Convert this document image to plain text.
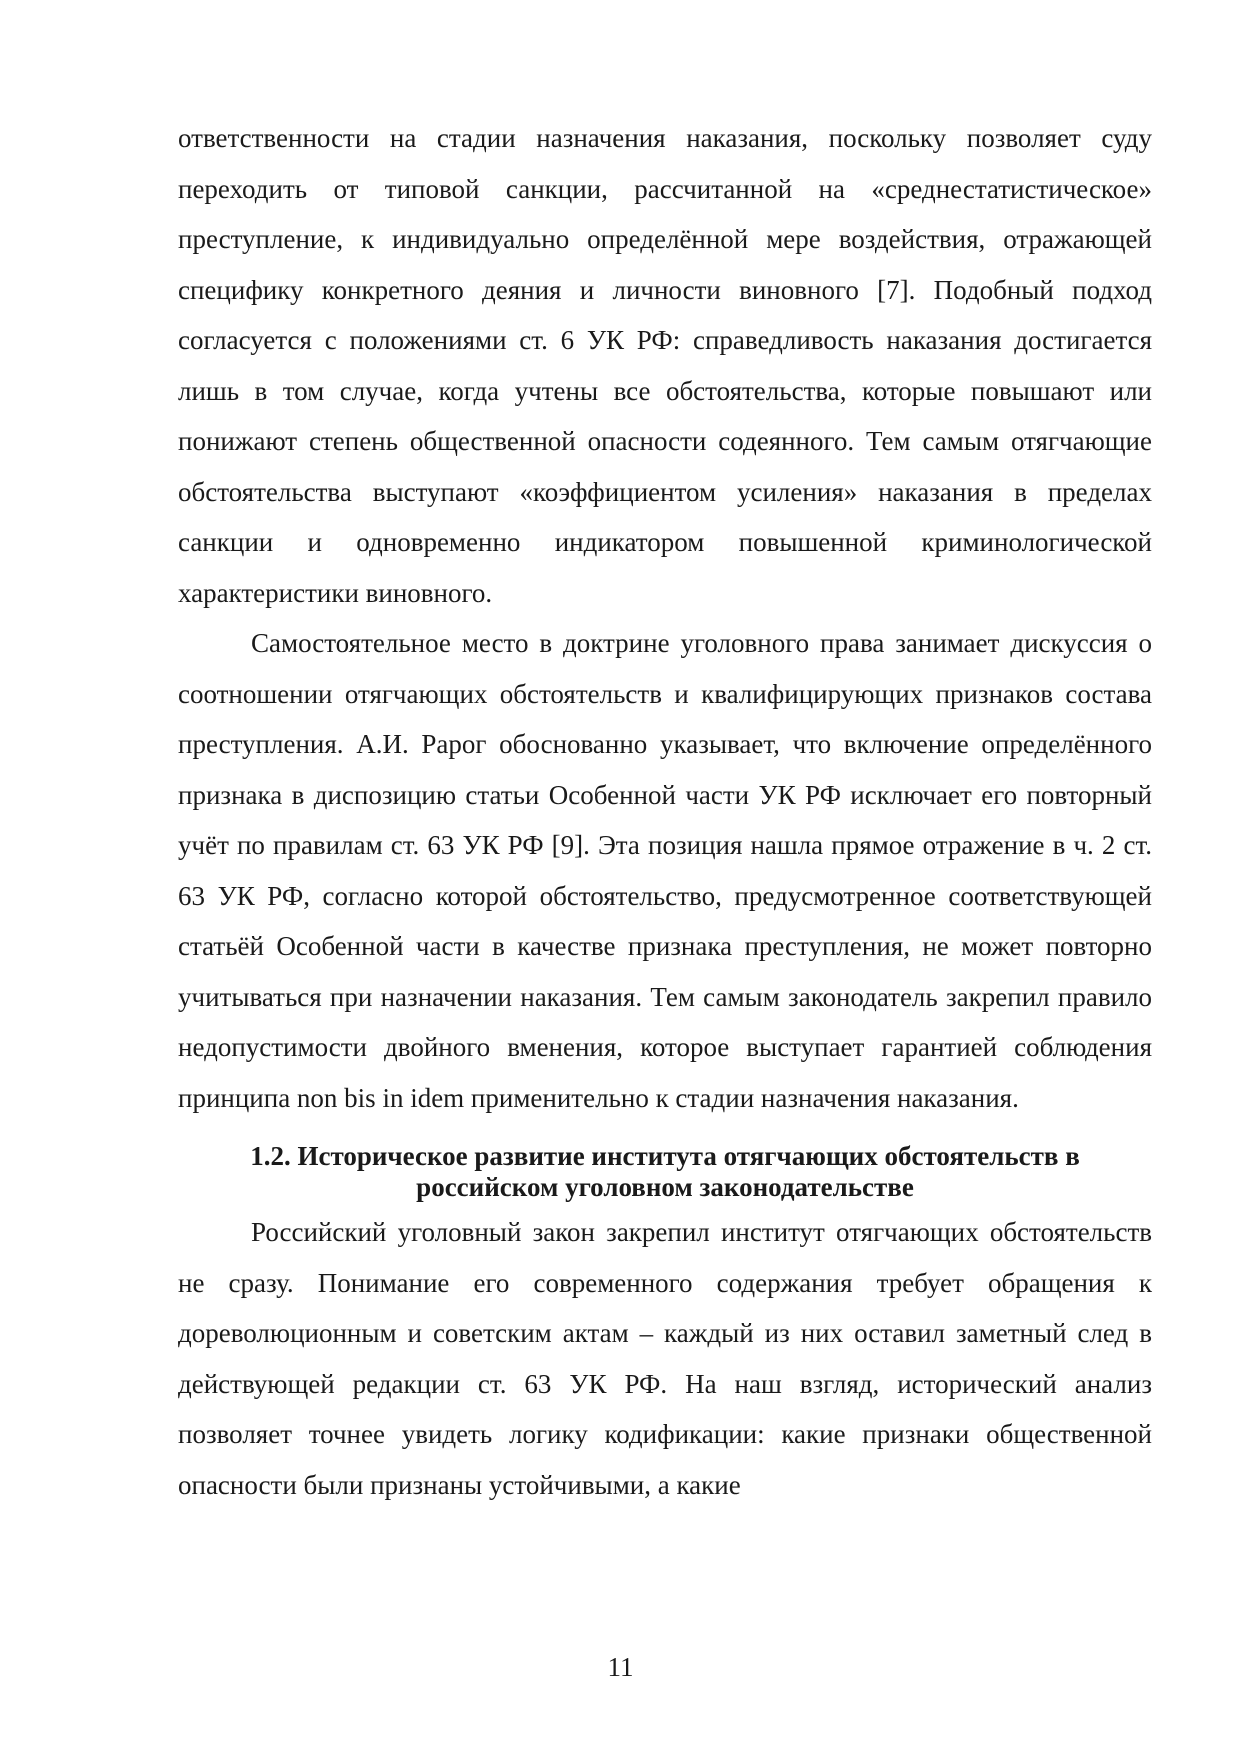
ответственности на стадии назначения наказания, поскольку позволяет суду переходить от типовой санкции, рассчитанной на «среднестатистическое» преступление, к индивидуально определённой мере воздействия, отражающей специфику конкретного деяния и личности виновного [7]. Подобный подход согласуется с положениями ст. 6 УК РФ: справедливость наказания достигается лишь в том случае, когда учтены все обстоятельства, которые повышают или понижают степень общественной опасности содеянного. Тем самым отягчающие обстоятельства выступают «коэффициентом усиления» наказания в пределах санкции и одновременно индикатором повышенной криминологической характеристики виновного.

Самостоятельное место в доктрине уголовного права занимает дискуссия о соотношении отягчающих обстоятельств и квалифицирующих признаков состава преступления. А.И. Рарог обоснованно указывает, что включение определённого признака в диспозицию статьи Особенной части УК РФ исключает его повторный учёт по правилам ст. 63 УК РФ [9]. Эта позиция нашла прямое отражение в ч. 2 ст. 63 УК РФ, согласно которой обстоятельство, предусмотренное соответствующей статьёй Особенной части в качестве признака преступления, не может повторно учитываться при назначении наказания. Тем самым законодатель закрепил правило недопустимости двойного вменения, которое выступает гарантией соблюдения принципа non bis in idem применительно к стадии назначения наказания.

1.2. Историческое развитие института отягчающих обстоятельств в российском уголовном законодательстве

Российский уголовный закон закрепил институт отягчающих обстоятельств не сразу. Понимание его современного содержания требует обращения к дореволюционным и советским актам – каждый из них оставил заметный след в действующей редакции ст. 63 УК РФ. На наш взгляд, исторический анализ позволяет точнее увидеть логику кодификации: какие признаки общественной опасности были признаны устойчивыми, а какие

11
